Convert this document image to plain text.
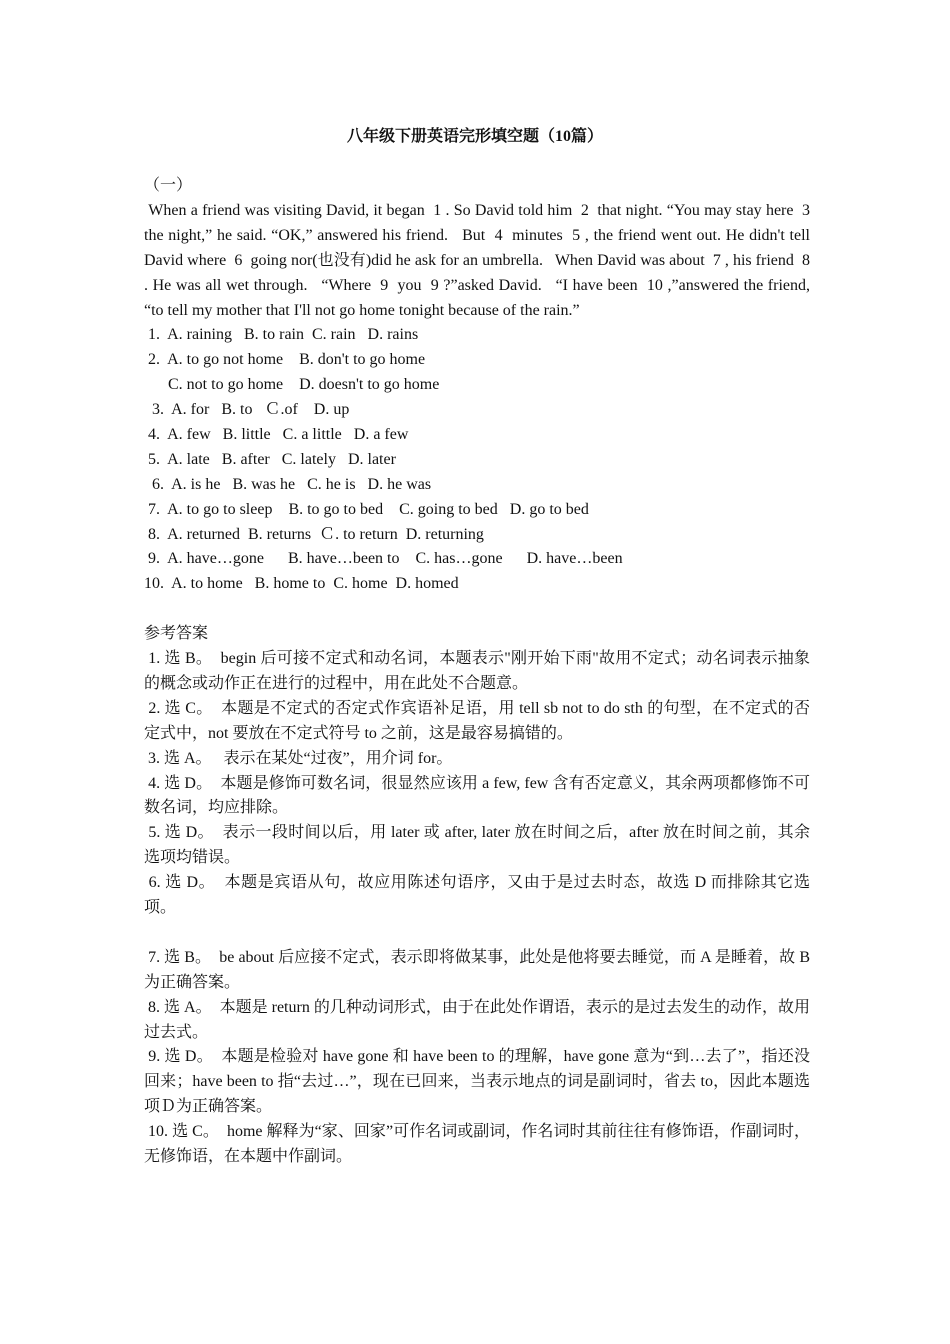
八年级下册英语完形填空题（10篇）
（一）
When a friend was visiting David, it began  1 . So David told him  2  that night. “You may stay here  3  the night,” he said. “OK,” answered his friend.   But  4  minutes  5 , the friend went out. He didn't tell David where  6  going nor(也没有)did he ask for an umbrella.   When David was about  7 , his friend  8 . He was all wet through.   “Where  9  you  9 ?”asked David.   “I have been  10 ,”answered the friend, “to tell my mother that I'll not go home tonight because of the rain.”
1.  A. raining   B. to rain  C. rain   D. rains
2.  A. to go not home    B. don't to go home
C. not to go home    D. doesn't to go home
3.  A. for   B. to   Ｃ.of    D. up
4.  A. few   B. little   C. a little   D. a few
5.  A. late   B. after   C. lately   D. later
6.  A. is he   B. was he   C. he is   D. he was
7.  A. to go to sleep    B. to go to bed    C. going to bed   D. go to bed
8.  A. returned  B. returns  Ｃ. to return  D. returning
9.  A. have…gone      B. have…been to    C. has…gone      D. have…been
10.  A. to home   B. home to  C. home  D. homed
参考答案
1. 选 B。  begin 后可接不定式和动名词，本题表示"刚开始下雨"故用不定式；动名词表示抽象的概念或动作正在进行的过程中，用在此处不合题意。
2. 选 C。  本题是不定式的否定式作宾语补足语，用 tell sb not to do sth 的句型，在不定式的否定式中，not 要放在不定式符号 to 之前，这是最容易搞错的。
3. 选 A。   表示在某处“过夜”，用介词 for。
4. 选 D。  本题是修饰可数名词，很显然应该用 a few, few 含有否定意义，其余两项都修饰不可数名词，均应排除。
5. 选 D。  表示一段时间以后，用 later 或 after, later 放在时间之后，after 放在时间之前，其余选项均错误。
6. 选 D。  本题是宾语从句，故应用陈述句语序，又由于是过去时态，故选 D 而排除其它选项。
7. 选 B。  be about 后应接不定式，表示即将做某事，此处是他将要去睡觉，而 A 是睡着，故 B 为正确答案。
8. 选 A。  本题是 return 的几种动词形式，由于在此处作谓语，表示的是过去发生的动作，故用过去式。
9. 选 D。  本题是检验对 have gone 和 have been to 的理解，have gone 意为“到…去了”，指还没回来；have been to 指“去过…”，现在已回来，当表示地点的词是副词时，省去 to，因此本题选项Ｄ为正确答案。
10. 选 C。  home 解释为“家、回家”可作名词或副词，作名词时其前往往有修饰语，作副词时，无修饰语，在本题中作副词。
